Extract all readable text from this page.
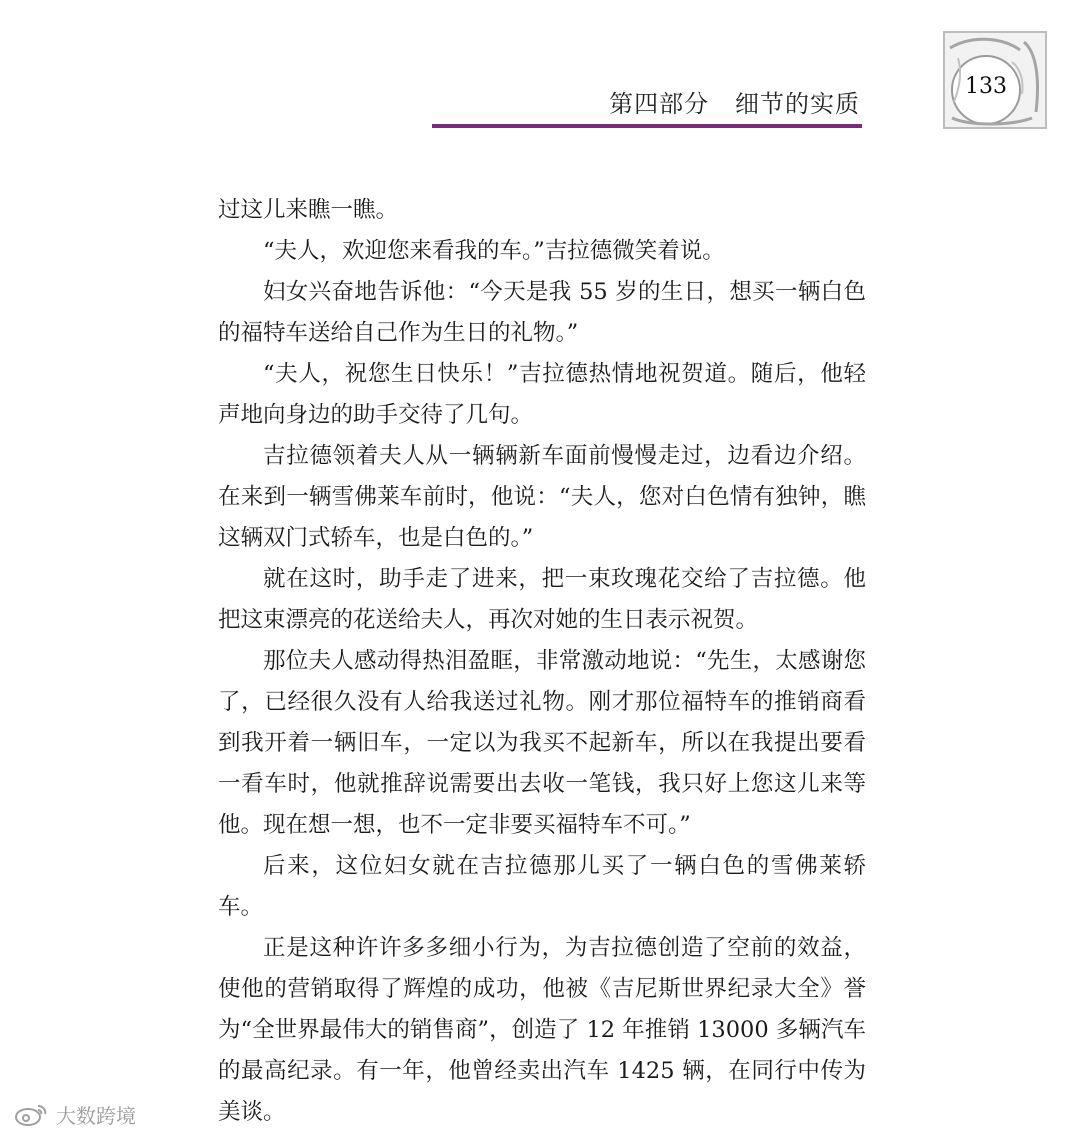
第四部分   细节的实质
133

过这儿来瞧一瞧。

“夫人，欢迎您来看我的车。”吉拉德微笑着说。

妇女兴奋地告诉他：“今天是我 55 岁的生日，想买一辆白色的福特车送给自己作为生日的礼物。”

“夫人，祝您生日快乐！”吉拉德热情地祝贺道。随后，他轻声地向身边的助手交待了几句。

吉拉德领着夫人从一辆辆新车面前慢慢走过，边看边介绍。在来到一辆雪佛莱车前时，他说：“夫人，您对白色情有独钟，瞧这辆双门式轿车，也是白色的。”

就在这时，助手走了进来，把一束玫瑰花交给了吉拉德。他把这束漂亮的花送给夫人，再次对她的生日表示祝贺。

那位夫人感动得热泪盈眶，非常激动地说：“先生，太感谢您了，已经很久没有人给我送过礼物。刚才那位福特车的推销商看到我开着一辆旧车，一定以为我买不起新车，所以在我提出要看一看车时，他就推辞说需要出去收一笔钱，我只好上您这儿来等他。现在想一想，也不一定非要买福特车不可。”

后来，这位妇女就在吉拉德那儿买了一辆白色的雪佛莱轿车。

正是这种许许多多细小行为，为吉拉德创造了空前的效益，使他的营销取得了辉煌的成功，他被《吉尼斯世界纪录大全》誉为“全世界最伟大的销售商”，创造了 12 年推销 13000 多辆汽车的最高纪录。有一年，他曾经卖出汽车 1425 辆，在同行中传为美谈。

大数跨境
